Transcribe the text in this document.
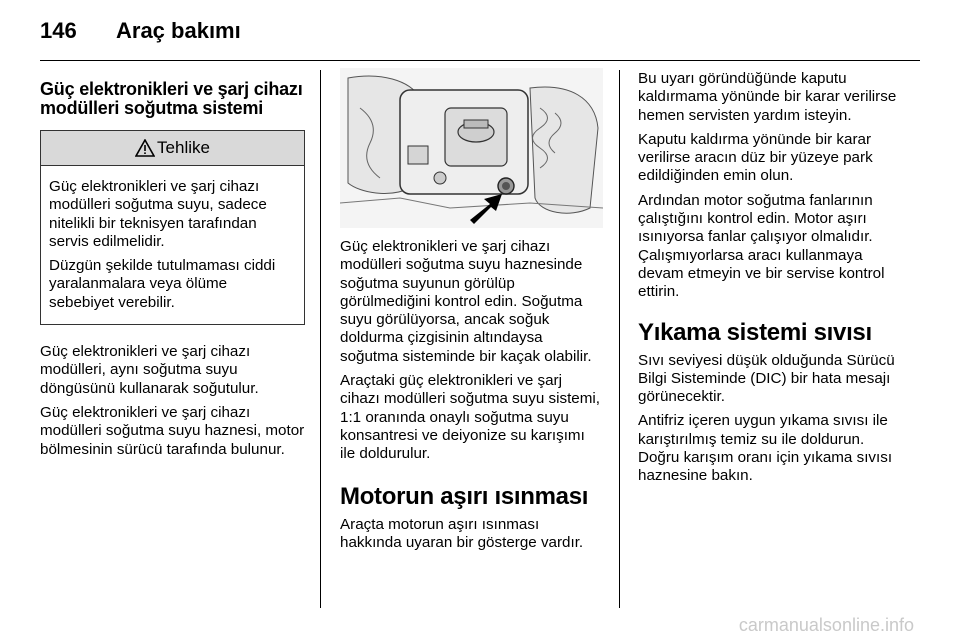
146 Araç bakımı
Güç elektronikleri ve şarj cihazı modülleri soğutma sistemi
Tehlike

Güç elektronikleri ve şarj cihazı modülleri soğutma suyu, sadece nitelikli bir teknisyen tarafından servis edilmelidir.

Düzgün şekilde tutulmaması ciddi yaralanmalara veya ölüme sebebiyet verebilir.

Güç elektronikleri ve şarj cihazı modülleri, aynı soğutma suyu döngüsünü kullanarak soğutulur.

Güç elektronikleri ve şarj cihazı modülleri soğutma suyu haznesi, motor bölmesinin sürücü tarafında bulunur.

Güç elektronikleri ve şarj cihazı modülleri soğutma suyu haznesinde soğutma suyunun görülüp görülmediğini kontrol edin. Soğutma suyu görülüyorsa, ancak soğuk doldurma çizgisinin altındaysa soğutma sisteminde bir kaçak olabilir.

Araçtaki güç elektronikleri ve şarj cihazı modülleri soğutma suyu sistemi, 1:1 oranında onaylı soğutma suyu konsantresi ve deiyonize su karışımı ile doldurulur.

Motorun aşırı ısınması

Araçta motorun aşırı ısınması hakkında uyaran bir gösterge vardır.

Bu uyarı göründüğünde kaputu kaldırmama yönünde bir karar verilirse hemen servisten yardım isteyin.

Kaputu kaldırma yönünde bir karar verilirse aracın düz bir yüzeye park edildiğinden emin olun.

Ardından motor soğutma fanlarının çalıştığını kontrol edin. Motor aşırı ısınıyorsa fanlar çalışıyor olmalıdır. Çalışmıyorlarsa aracı kullanmaya devam etmeyin ve bir servise kontrol ettirin.

Yıkama sistemi sıvısı

Sıvı seviyesi düşük olduğunda Sürücü Bilgi Sisteminde (DIC) bir hata mesajı görünecektir.

Antifriz içeren uygun yıkama sıvısı ile karıştırılmış temiz su ile doldurun. Doğru karışım oranı için yıkama sıvısı haznesine bakın.

carmanualsonline.info
